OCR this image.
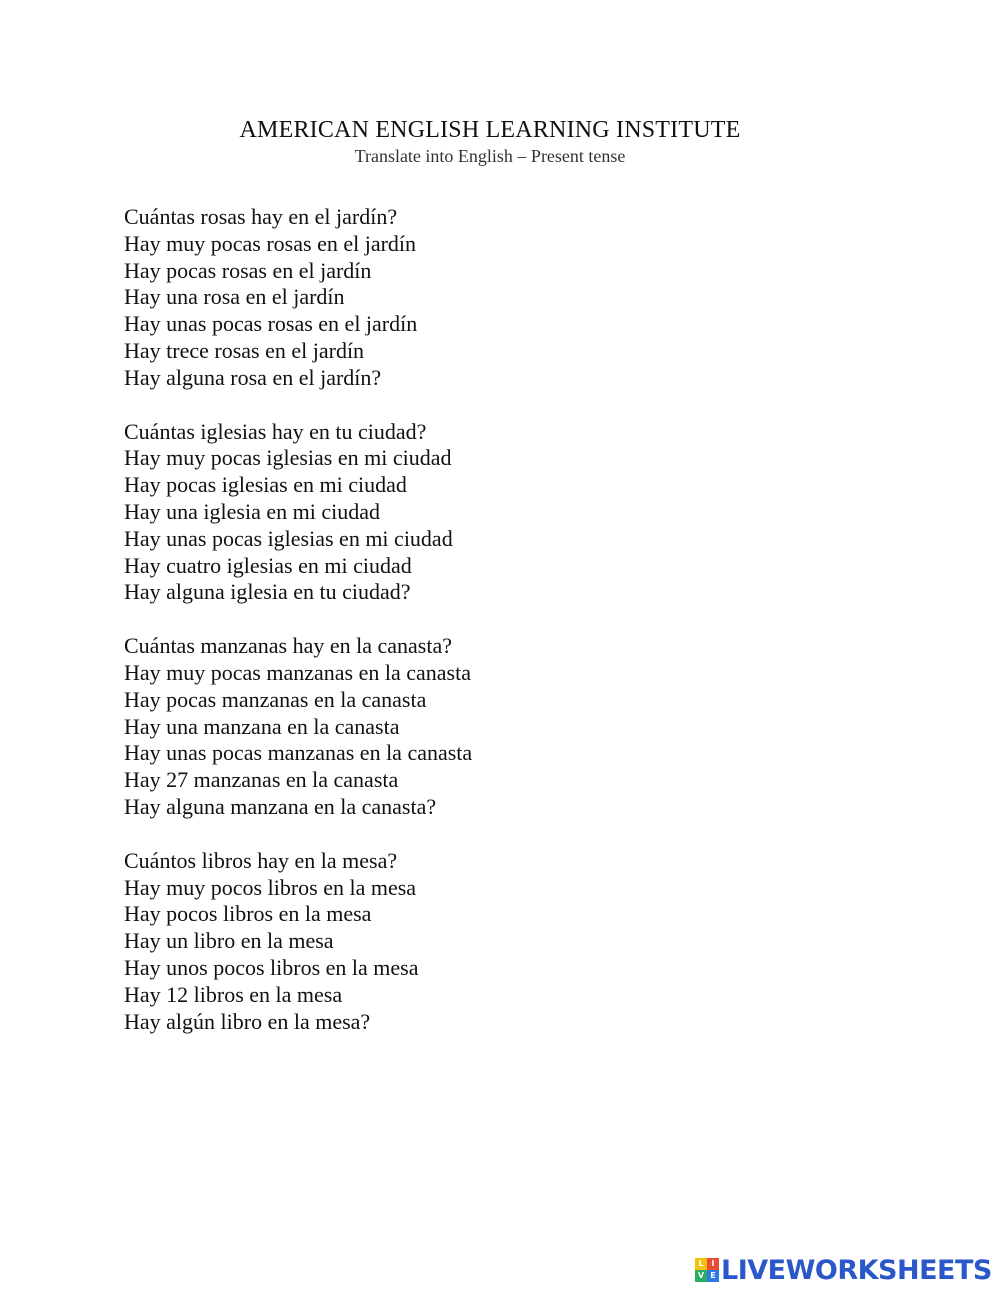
AMERICAN ENGLISH LEARNING INSTITUTE
Translate into English – Present tense
Cuántas rosas hay en el jardín?
Hay muy pocas rosas en el jardín
Hay pocas rosas en el jardín
Hay una rosa en el jardín
Hay unas pocas rosas en el jardín
Hay trece rosas en el jardín
Hay alguna rosa en el jardín?
Cuántas iglesias hay en tu ciudad?
Hay muy pocas iglesias en mi ciudad
Hay pocas iglesias en mi ciudad
Hay una iglesia en mi ciudad
Hay unas pocas iglesias en mi ciudad
Hay cuatro iglesias en mi ciudad
Hay alguna iglesia en tu ciudad?
Cuántas manzanas hay en la canasta?
Hay muy pocas manzanas en la canasta
Hay pocas manzanas en la canasta
Hay una manzana en la canasta
Hay unas pocas manzanas en la canasta
Hay 27 manzanas en la canasta
Hay alguna manzana en la canasta?
Cuántos libros hay en la mesa?
Hay muy pocos libros en la mesa
Hay pocos libros en la mesa
Hay un libro en la mesa
Hay unos pocos libros en la mesa
Hay 12 libros en la mesa
Hay algún libro en la mesa?
L I
V E LIVEWORKSHEETS
